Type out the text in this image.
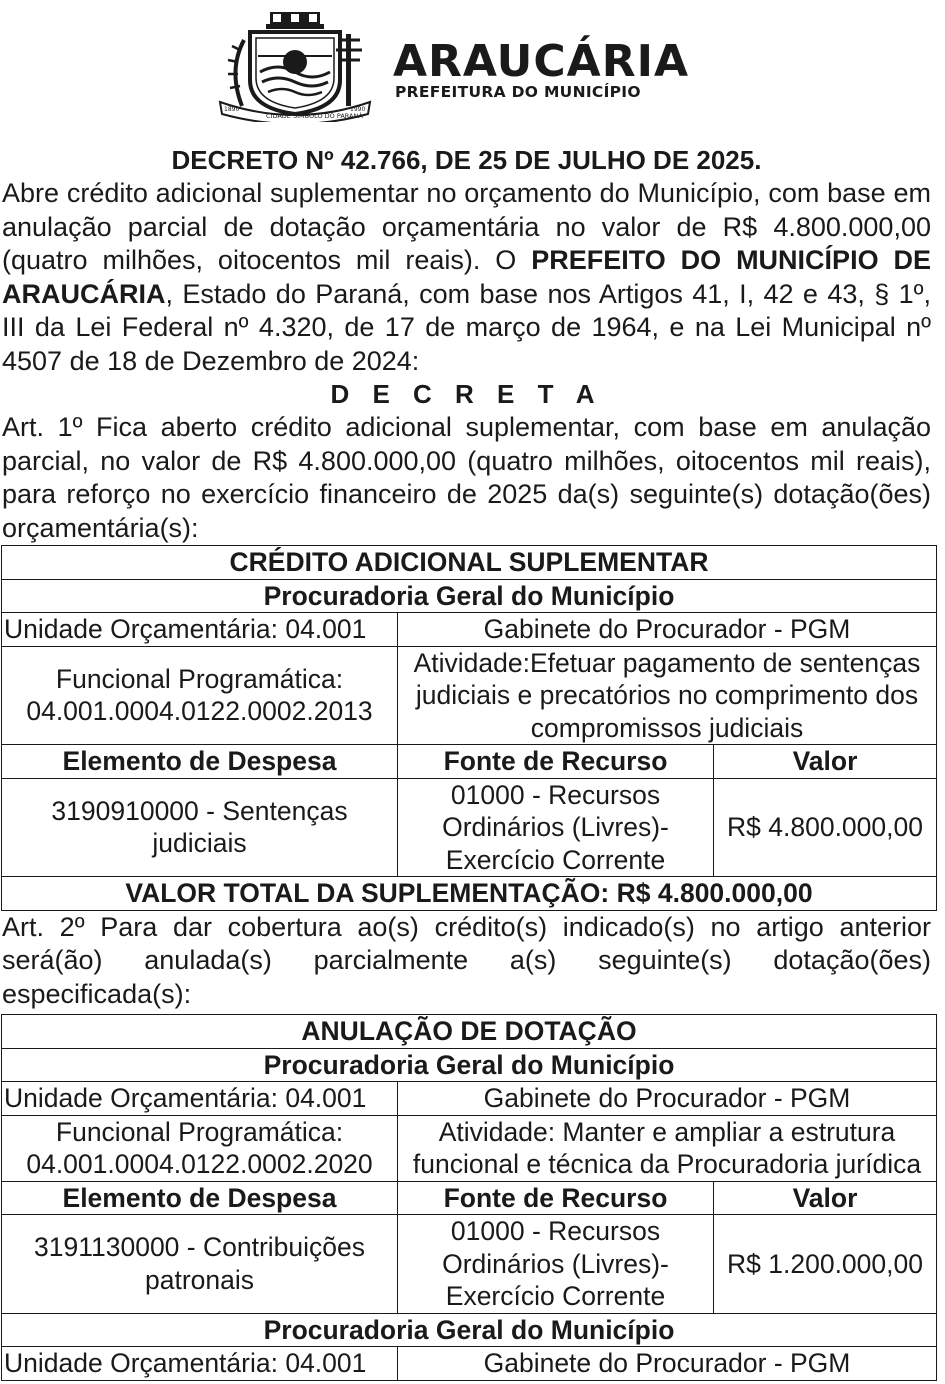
1890
CIDADE SÍMBOLO DO PARANÁ
1990
ARAUCÁRIA
PREFEITURA DO MUNICÍPIO

DECRETO Nº 42.766, DE 25 DE JULHO DE 2025.

Abre crédito adicional suplementar no orçamento do Município, com base em anulação parcial de dotação orçamentária no valor de R$ 4.800.000,00 (quatro milhões, oitocentos mil reais). O PREFEITO DO MUNICÍPIO DE ARAUCÁRIA, Estado do Paraná, com base nos Artigos 41, I, 42 e 43, § 1º, III da Lei Federal nº 4.320, de 17 de março de 1964, e na Lei Municipal nº 4507 de 18 de Dezembro de 2024:

D E C R E T A

Art. 1º Fica aberto crédito adicional suplementar, com base em anulação parcial, no valor de R$ 4.800.000,00 (quatro milhões, oitocentos mil reais), para reforço no exercício financeiro de 2025 da(s) seguinte(s) dotação(ões) orçamentária(s):

CRÉDITO ADICIONAL SUPLEMENTAR		
Procuradoria Geral do Município		
Unidade Orçamentária: 04.001	Gabinete do Procurador - PGM	

Funcional Programática:
04.001.0004.0122.0002.2013	Atividade:Efetuar pagamento de sentenças judiciais e precatórios no comprimento dos compromissos judiciais	
Elemento de Despesa	Fonte de Recurso	Valor
3190910000 - Sentenças judiciais	01000 - Recursos Ordinários (Livres)- Exercício Corrente	R$ 4.800.000,00
VALOR TOTAL DA SUPLEMENTAÇÃO: R$ 4.800.000,00		

Art. 2º Para dar cobertura ao(s) crédito(s) indicado(s) no artigo anterior será(ão) anulada(s) parcialmente a(s) seguinte(s) dotação(ões) especificada(s):

ANULAÇÃO DE DOTAÇÃO		
Procuradoria Geral do Município		
Unidade Orçamentária: 04.001	Gabinete do Procurador - PGM	

Funcional Programática:
04.001.0004.0122.0002.2020	Atividade: Manter e ampliar a estrutura funcional e técnica da Procuradoria jurídica	
Elemento de Despesa	Fonte de Recurso	Valor
3191130000 - Contribuições patronais	01000 - Recursos Ordinários (Livres)- Exercício Corrente	R$ 1.200.000,00
Procuradoria Geral do Município		
Unidade Orçamentária: 04.001	Gabinete do Procurador - PGM	
